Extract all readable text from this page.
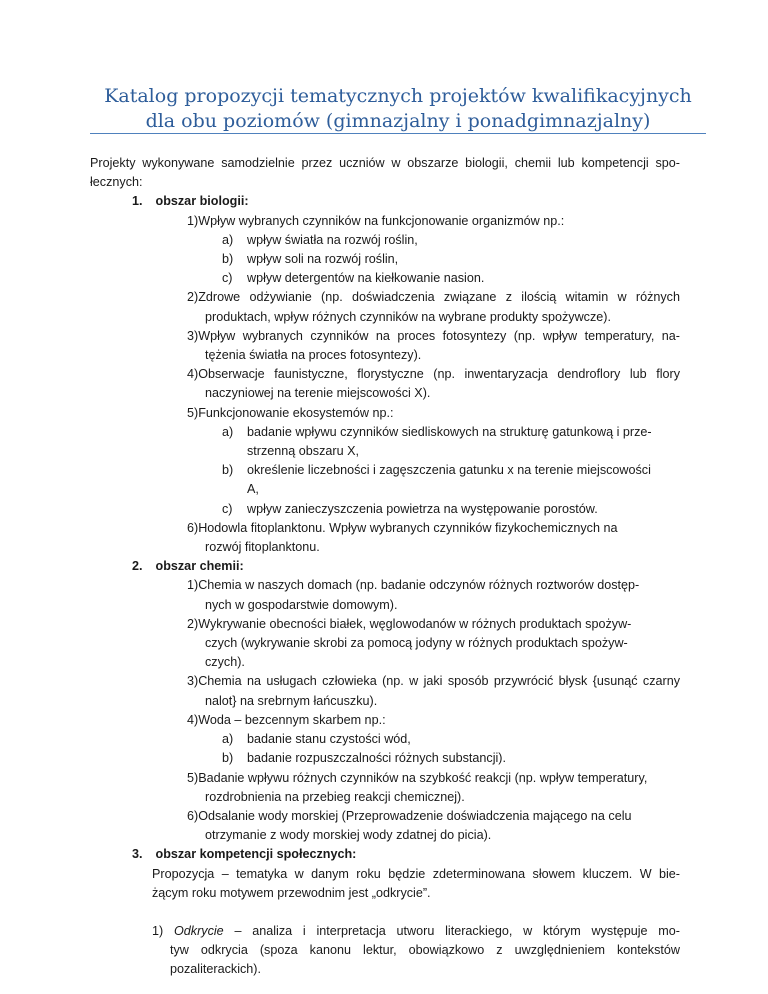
Katalog propozycji tematycznych projektów kwalifikacyjnych
dla obu poziomów (gimnazjalny i ponadgimnazjalny)
Projekty wykonywane samodzielnie przez uczniów w obszarze biologii, chemii lub kompetencji spo-
łecznych:
1. obszar biologii:
1)Wpływ wybranych czynników na funkcjonowanie organizmów np.:
a) wpływ światła na rozwój roślin,
b) wpływ soli na rozwój roślin,
c) wpływ detergentów na kiełkowanie nasion.
2)Zdrowe odżywianie (np. doświadczenia związane z ilością witamin w różnych
produktach, wpływ różnych czynników na wybrane produkty spożywcze).
3)Wpływ wybranych czynników na proces fotosyntezy (np. wpływ temperatury, na-
tężenia światła na proces fotosyntezy).
4)Obserwacje faunistyczne, florystyczne (np. inwentaryzacja dendroflory lub flory
naczyniowej na terenie miejscowości X).
5)Funkcjonowanie ekosystemów np.:
a) badanie wpływu czynników siedliskowych na strukturę gatunkową i prze-
strzenną obszaru X,
b) określenie liczebności i zagęszczenia gatunku x na terenie miejscowości
A,
c) wpływ zanieczyszczenia powietrza na występowanie porostów.
6)Hodowla fitoplanktonu. Wpływ wybranych czynników fizykochemicznych na
rozwój fitoplanktonu.
2. obszar chemii:
1)Chemia w naszych domach (np. badanie odczynów różnych roztworów dostęp-
nych w gospodarstwie domowym).
2)Wykrywanie obecności białek, węglowodanów w różnych produktach spożyw-
czych (wykrywanie skrobi za pomocą jodyny w różnych produktach spożyw-
czych).
3)Chemia na usługach człowieka (np. w jaki sposób przywrócić błysk {usunąć czarny
nalot} na srebrnym łańcuszku).
4)Woda – bezcennym skarbem np.:
a) badanie stanu czystości wód,
b) badanie rozpuszczalności różnych substancji).
5)Badanie wpływu różnych czynników na szybkość reakcji (np. wpływ temperatury,
rozdrobnienia na przebieg reakcji chemicznej).
6)Odsalanie wody morskiej (Przeprowadzenie doświadczenia mającego na celu
otrzymanie z wody morskiej wody zdatnej do picia).
3. obszar kompetencji społecznych:
Propozycja – tematyka w danym roku będzie zdeterminowana słowem kluczem. W bie-
żącym roku motywem przewodnim jest „odkrycie”.
1) Odkrycie – analiza i interpretacja utworu literackiego, w którym występuje mo-
tyw odkrycia (spoza kanonu lektur, obowiązkowo z uwzględnieniem kontekstów
pozaliterackich).
